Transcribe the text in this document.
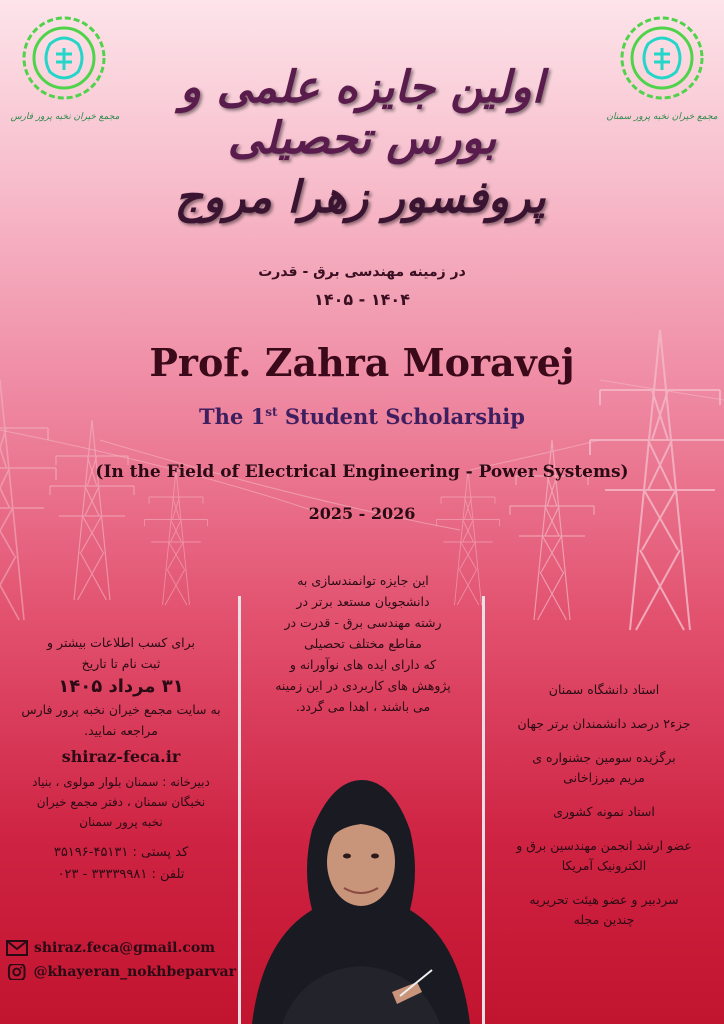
مجمع خیران نخبه پرور فارس	مجمع خیران نخبه پرور سمنان
اولین جایزه علمی و بورس تحصیلی
پروفسور زهرا مروج
در زمینه مهندسی برق - قدرت
۱۴۰۴ - ۱۴۰۵
Prof. Zahra Moravej
The 1st Student Scholarship
(In the Field of Electrical Engineering - Power Systems)
2025 - 2026
این جایزه توانمندسازی به
دانشجویان مستعد برتر در
رشته مهندسی برق - قدرت در
مقاطع مختلف تحصیلی
که دارای ایده های نوآورانه و
پژوهش های کاربردی در این زمینه
می باشند ، اهدا می گردد.
برای کسب اطلاعات بیشتر و
ثبت نام تا تاریخ
۳۱ مرداد ۱۴۰۵
به سایت مجمع خیران نخبه پرور فارس
مراجعه نمایید.
shiraz-feca.ir
دبیرخانه : سمنان بلوار مولوی ، بنیاد
نخبگان سمنان ، دفتر مجمع خیران
نخبه پرور سمنان
کد پستی : ۴۵۱۳۱-۳۵۱۹۶
تلفن : ۳۳۳۳۹۹۸۱ - ۰۲۳
استاد دانشگاه سمنان
جزء۲ درصد دانشمندان برتر جهان
برگزیده سومین جشنواره ی
مریم میرزاخانی
استاد نمونه کشوری
عضو ارشد انجمن مهندسین برق و
الکترونیک آمریکا
سردبیر و عضو هیئت تحریریه
چندین مجله
shiraz.feca@gmail.com
@khayeran_nokhbeparvar
